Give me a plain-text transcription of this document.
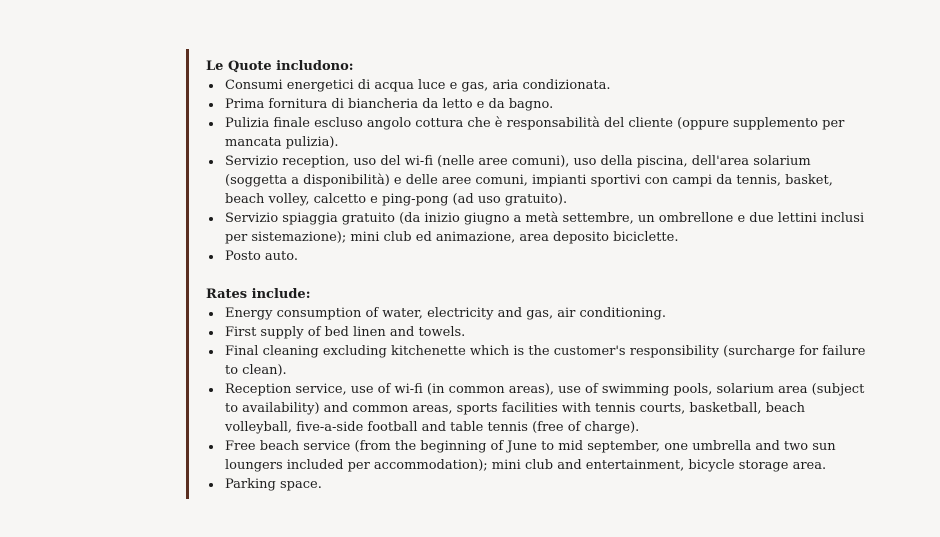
Le Quote includono:

Consumi energetici di acqua luce e gas, aria condizionata.
Prima fornitura di biancheria da letto e da bagno.
Pulizia finale escluso angolo cottura che è responsabilità del cliente (oppure supplemento per mancata pulizia).
Servizio reception, uso del wi-fi (nelle aree comuni), uso della piscina, dell'area solarium (soggetta a disponibilità) e delle aree comuni, impianti sportivi con campi da tennis, basket, beach volley, calcetto e ping-pong (ad uso gratuito).
Servizio spiaggia gratuito (da inizio giugno a metà settembre, un ombrellone e due lettini inclusi per sistemazione); mini club ed animazione, area deposito biciclette.
Posto auto.

Rates include:

Energy consumption of water, electricity and gas, air conditioning.
First supply of bed linen and towels.
Final cleaning excluding kitchenette which is the customer's responsibility (surcharge for failure to clean).
Reception service, use of wi-fi (in common areas), use of swimming pools, solarium area (subject to availability) and common areas, sports facilities with tennis courts, basketball, beach volleyball, five-a-side football and table tennis (free of charge).
Free beach service (from the beginning of June to mid september, one umbrella and two sun loungers included per accommodation); mini club and entertainment, bicycle storage area.
Parking space.
